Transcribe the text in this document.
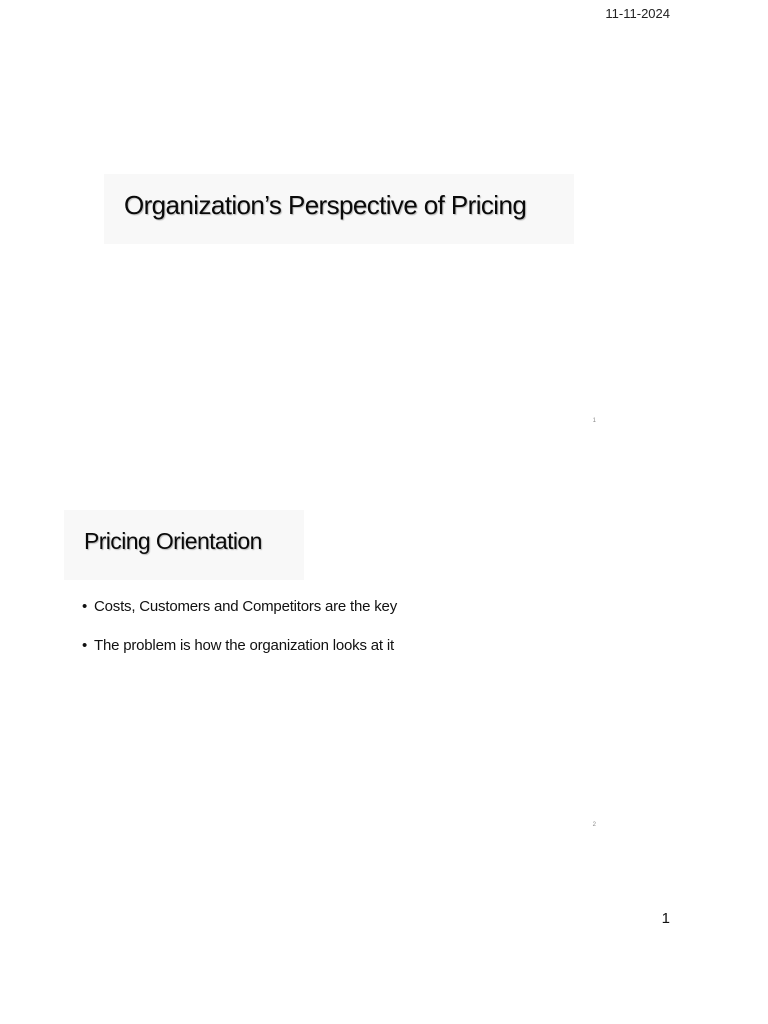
11-11-2024
Organization’s Perspective of Pricing
1
Pricing Orientation
• Costs, Customers and Competitors are the key
• The problem is how the organization looks at it
2
1
